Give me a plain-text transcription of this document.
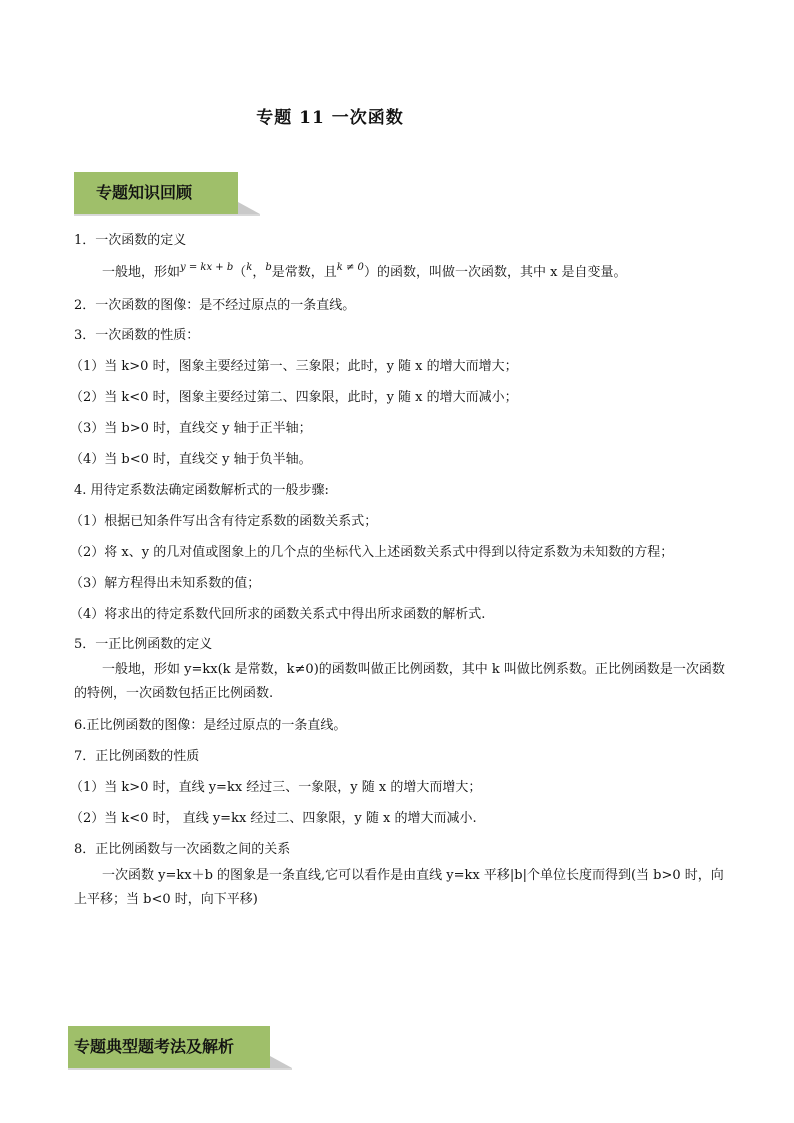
专题 11 一次函数
专题知识回顾

1．一次函数的定义

一般地，形如$^{y = kx + b}$（$^k$，$^b$是常数，且$^{k \ne 0}$）的函数，叫做一次函数，其中 x 是自变量。

2．一次函数的图像：是不经过原点的一条直线。

3．一次函数的性质：

（1）当 k>0 时，图象主要经过第一、三象限；此时，y 随 x 的增大而增大；

（2）当 k<0 时，图象主要经过第二、四象限，此时，y 随 x 的增大而减小；

（3）当 b>0 时，直线交 y 轴于正半轴；

（4）当 b<0 时，直线交 y 轴于负半轴。

4. 用待定系数法确定函数解析式的一般步骤:

（1）根据已知条件写出含有待定系数的函数关系式；

（2）将 x、y 的几对值或图象上的几个点的坐标代入上述函数关系式中得到以待定系数为未知数的方程；

（3）解方程得出未知系数的值；

（4）将求出的待定系数代回所求的函数关系式中得出所求函数的解析式.

5．一正比例函数的定义

一般地，形如 y=kx(k 是常数，k≠0)的函数叫做正比例函数，其中 k 叫做比例系数。正比例函数是一次函数的特例，一次函数包括正比例函数.

6.正比例函数的图像：是经过原点的一条直线。

7．正比例函数的性质

（1）当 k>0 时，直线 y=kx 经过三、一象限，y 随 x 的增大而增大；

（2）当 k<0 时， 直线 y=kx 经过二、四象限，y 随 x 的增大而减小.

8．正比例函数与一次函数之间的关系

一次函数 y=kx＋b 的图象是一条直线,它可以看作是由直线 y=kx 平移|b|个单位长度而得到(当 b>0 时，向上平移；当 b<0 时，向下平移)

专题典型题考法及解析
